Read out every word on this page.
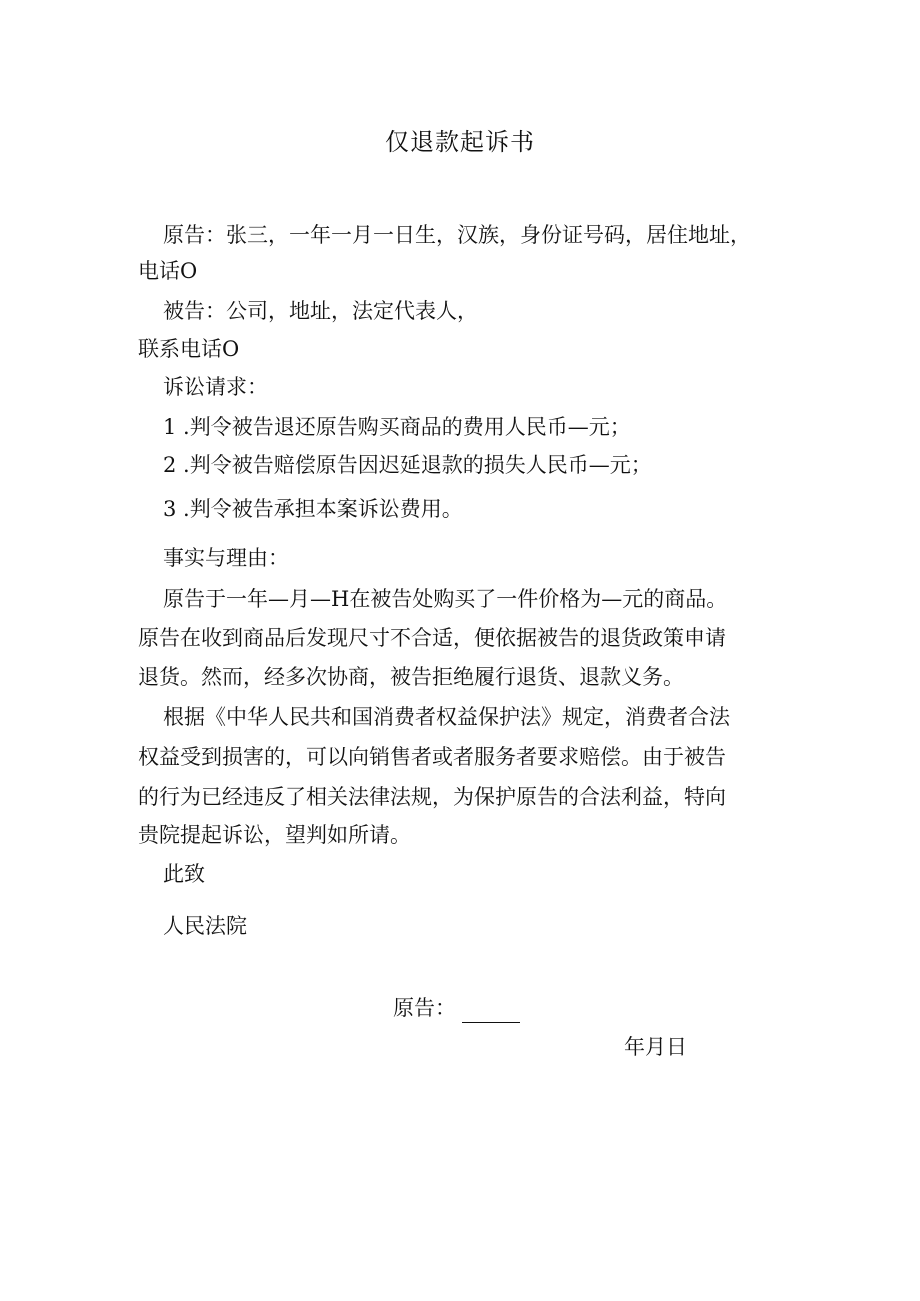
仅退款起诉书
原告：张三，一年一月一日生，汉族，身份证号码，居住地址，
电话O
被告：公司，地址，法定代表人，
联系电话O
诉讼请求：
1 .判令被告退还原告购买商品的费用人民币—元；
2 .判令被告赔偿原告因迟延退款的损失人民币—元；
3 .判令被告承担本案诉讼费用。
事实与理由：
原告于一年—月—H在被告处购买了一件价格为—元的商品。
原告在收到商品后发现尺寸不合适，便依据被告的退货政策申请
退货。然而，经多次协商，被告拒绝履行退货、退款义务。
根据《中华人民共和国消费者权益保护法》规定，消费者合法
权益受到损害的，可以向销售者或者服务者要求赔偿。由于被告
的行为已经违反了相关法律法规，为保护原告的合法利益，特向
贵院提起诉讼，望判如所请。
此致
人民法院
原告：
年月日
